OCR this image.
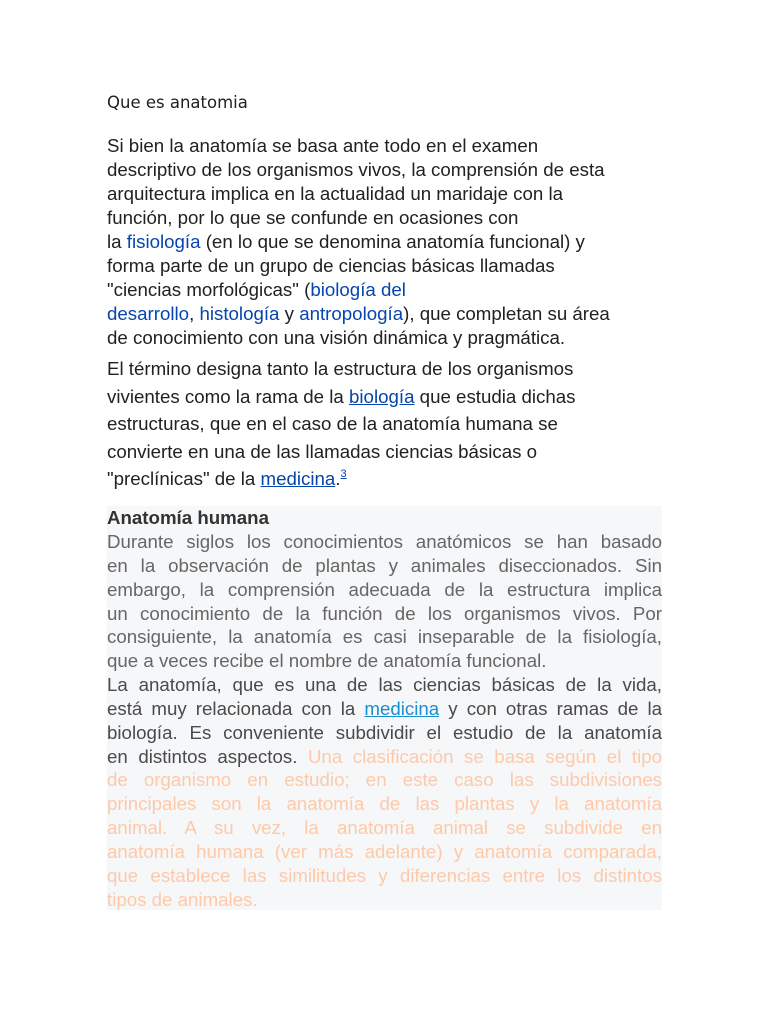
Que es anatomia
Si bien la anatomía se basa ante todo en el examen
descriptivo de los organismos vivos, la comprensión de esta
arquitectura implica en la actualidad un maridaje con la
función, por lo que se confunde en ocasiones con
la fisiología (en lo que se denomina anatomía funcional) y
forma parte de un grupo de ciencias básicas llamadas
"ciencias morfológicas" (biología del
desarrollo, histología y antropología), que completan su área
de conocimiento con una visión dinámica y pragmática.
El término designa tanto la estructura de los organismos
vivientes como la rama de la biología que estudia dichas
estructuras, que en el caso de la anatomía humana se
convierte en una de las llamadas ciencias básicas o
"preclínicas" de la medicina.$^3$
Anatomía humana
Durante siglos los conocimientos anatómicos se han basado
en la observación de plantas y animales diseccionados. Sin
embargo, la comprensión adecuada de la estructura implica
un conocimiento de la función de los organismos vivos. Por
consiguiente, la anatomía es casi inseparable de la fisiología,
que a veces recibe el nombre de anatomía funcional.
La anatomía, que es una de las ciencias básicas de la vida,
está muy relacionada con la medicina y con otras ramas de la
biología. Es conveniente subdividir el estudio de la anatomía
en distintos aspectos. Una clasificación se basa según el tipo
de organismo en estudio; en este caso las subdivisiones
principales son la anatomía de las plantas y la anatomía
animal. A su vez, la anatomía animal se subdivide en
anatomía humana (ver más adelante) y anatomía comparada,
que establece las similitudes y diferencias entre los distintos
tipos de animales.
